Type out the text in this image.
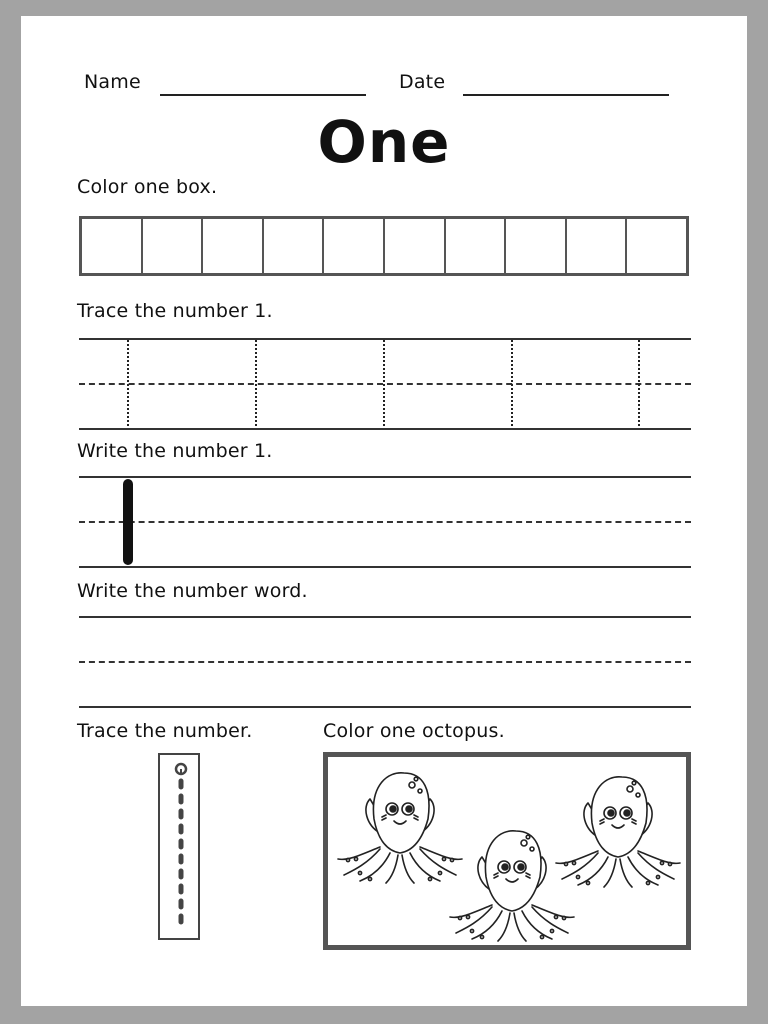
Name	Date
One
Color one box.
Trace the number 1.
Write the number 1.
Write the number word.
Trace the number.	Color one octopus.
